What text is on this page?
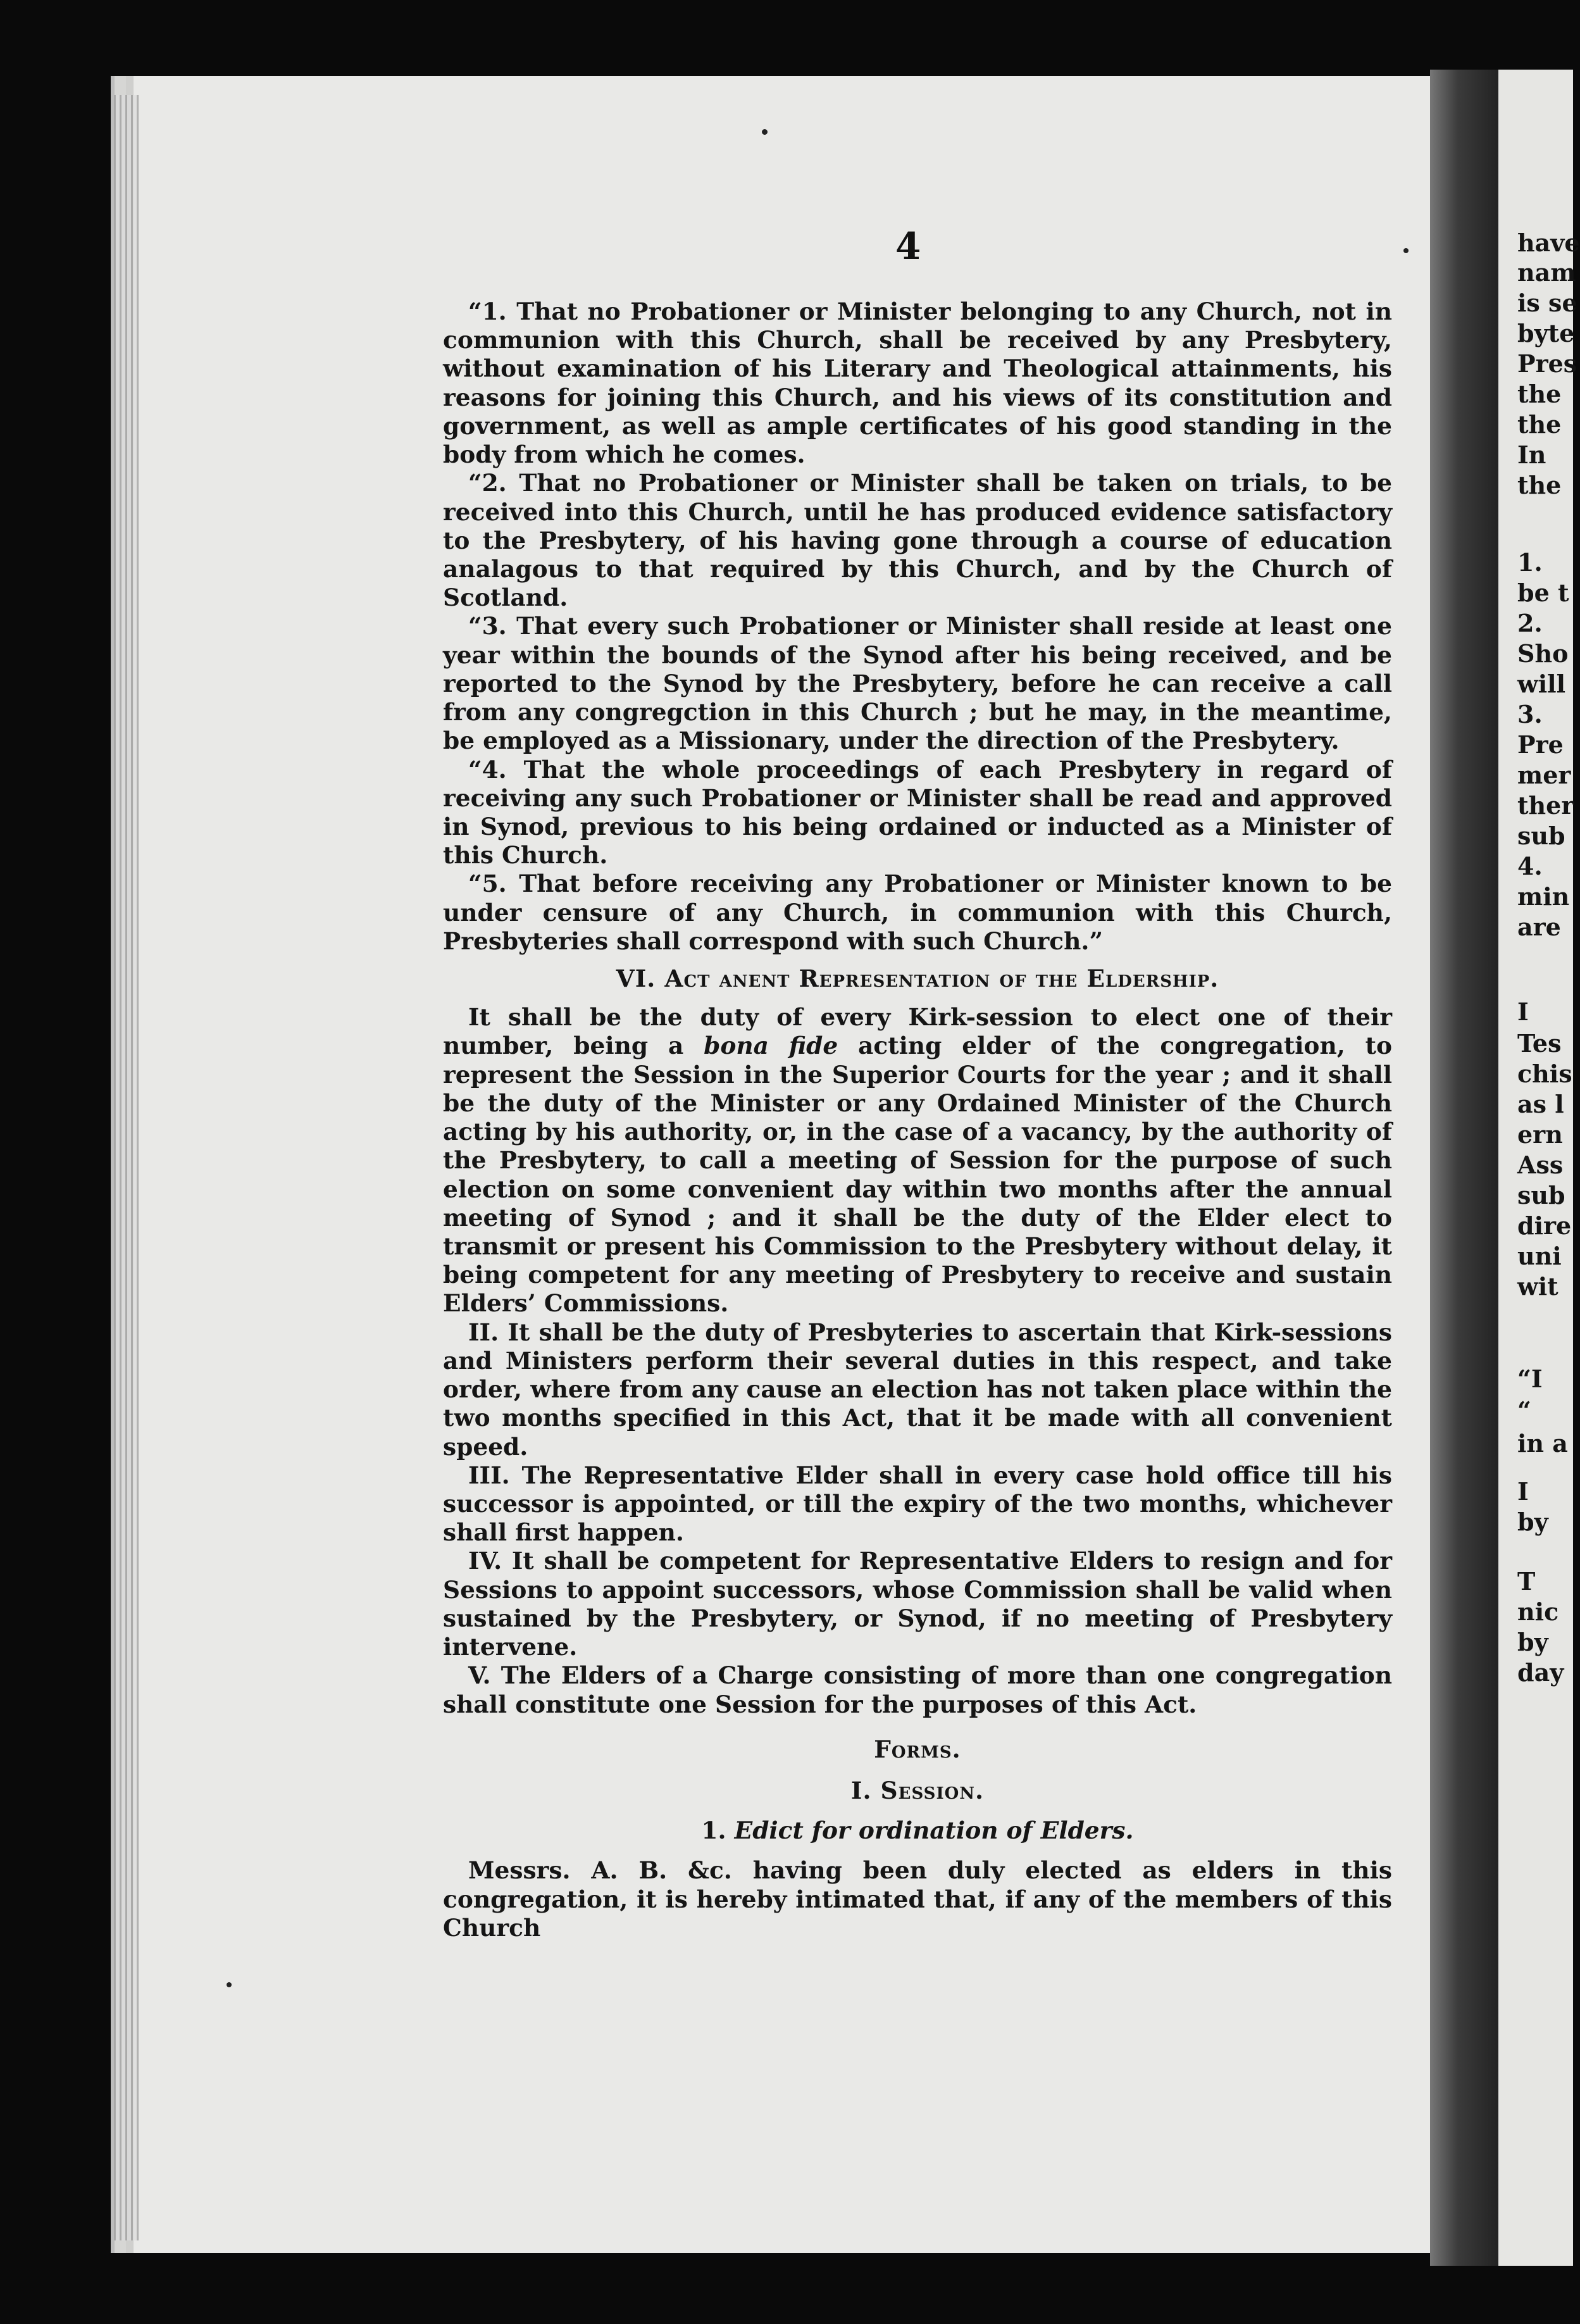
have
nam
is se
byte
Pres
the
the
In
the
1.
be t
2.
Sho
will
3.
Pre
mer
ther
sub
4.
min
are
I
Tes
chis
as l
ern
Ass
sub
dire
uni
wit
“I
“
in a
I
by
T
nic
by
day
4

“1. That no Probationer or Minister belonging to any Church, not in communion with this Church, shall be received by any Presbytery, without examination of his Literary and Theological attainments, his reasons for joining this Church, and his views of its constitution and government, as well as ample certificates of his good standing in the body from which he comes.

“2. That no Probationer or Minister shall be taken on trials, to be received into this Church, until he has produced evidence satisfactory to the Presbytery, of his having gone through a course of education analagous to that required by this Church, and by the Church of Scotland.

“3. That every such Probationer or Minister shall reside at least one year within the bounds of the Synod after his being received, and be reported to the Synod by the Presbytery, before he can receive a call from any congregction in this Church ; but he may, in the meantime, be employed as a Missionary, under the direction of the Presbytery.

“4. That the whole proceedings of each Presbytery in regard of receiving any such Probationer or Minister shall be read and approved in Synod, previous to his being ordained or inducted as a Minister of this Church.

“5. That before receiving any Probationer or Minister known to be under censure of any Church, in communion with this Church, Presbyteries shall correspond with such Church.”

VI. Act anent Representation of the Eldership.

It shall be the duty of every Kirk-session to elect one of their number, being a bona fide acting elder of the congregation, to represent the Session in the Superior Courts for the year ; and it shall be the duty of the Minister or any Ordained Minister of the Church acting by his authority, or, in the case of a vacancy, by the authority of the Presbytery, to call a meeting of Session for the purpose of such election on some convenient day within two months after the annual meeting of Synod ; and it shall be the duty of the Elder elect to transmit or present his Commission to the Presbytery without delay, it being competent for any meeting of Presbytery to receive and sustain Elders’ Commissions.

II. It shall be the duty of Presbyteries to ascertain that Kirk-sessions and Ministers perform their several duties in this respect, and take order, where from any cause an election has not taken place within the two months specified in this Act, that it be made with all convenient speed.

III. The Representative Elder shall in every case hold office till his successor is appointed, or till the expiry of the two months, whichever shall first happen.

IV. It shall be competent for Representative Elders to resign and for Sessions to appoint successors, whose Commission shall be valid when sustained by the Presbytery, or Synod, if no meeting of Presbytery intervene.

V. The Elders of a Charge consisting of more than one congregation shall constitute one Session for the purposes of this Act.

Forms.

I. Session.

1. Edict for ordination of Elders.

Messrs. A. B. &c. having been duly elected as elders in this congregation, it is hereby intimated that, if any of the members of this Church
